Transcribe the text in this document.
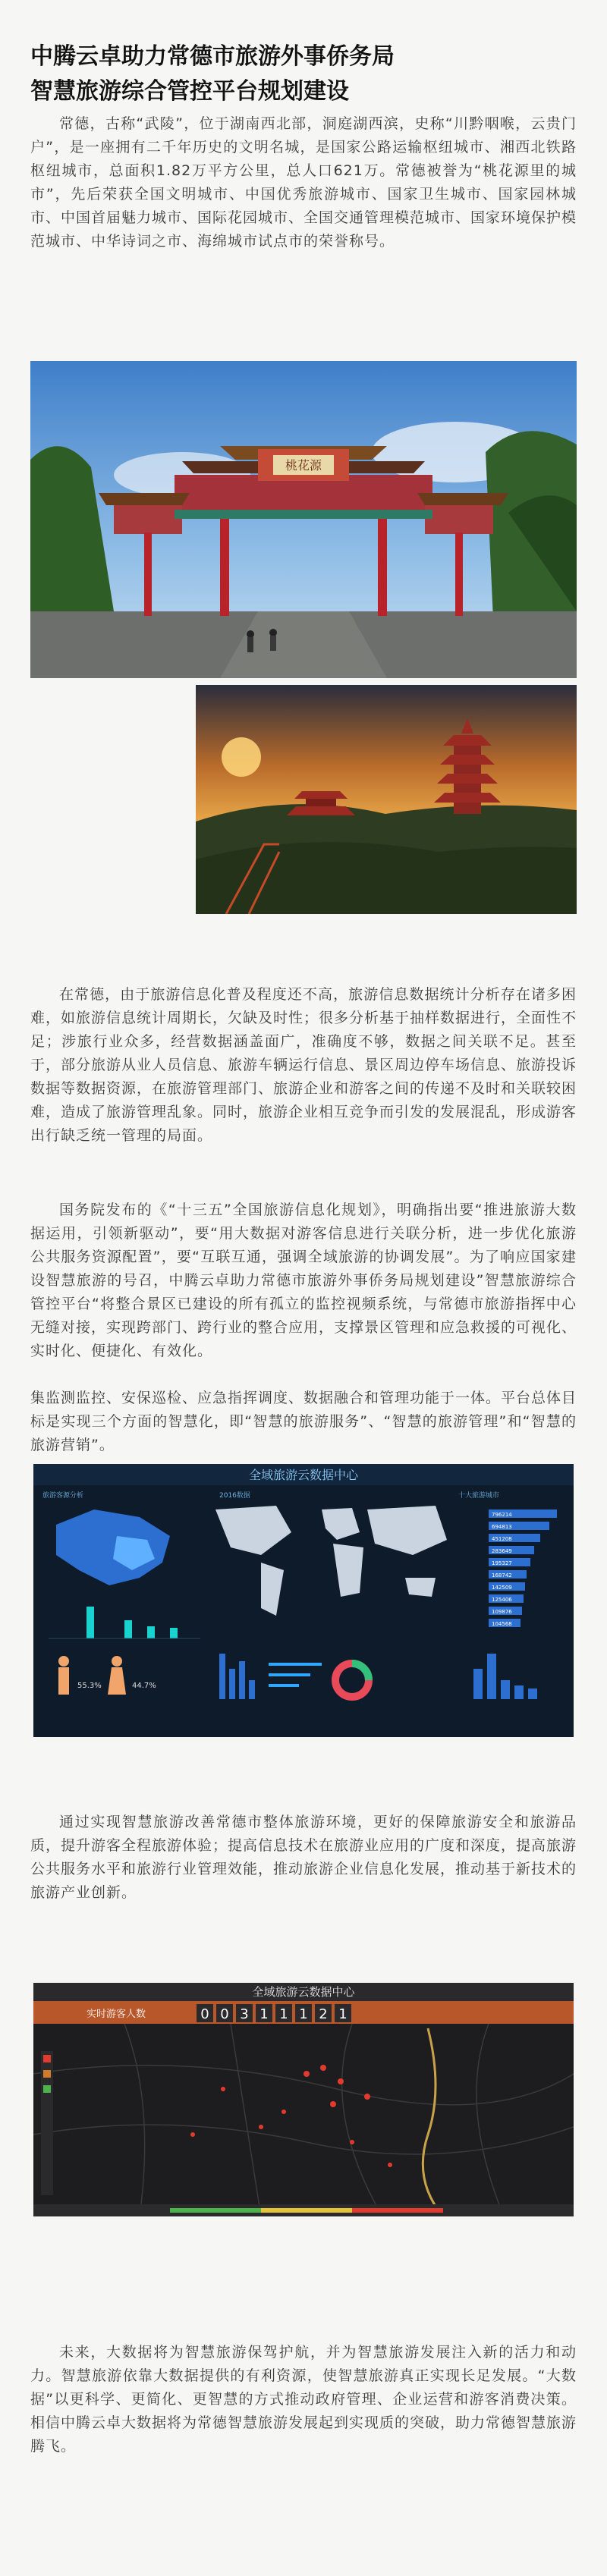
中腾云卓助力常德市旅游外事侨务局
智慧旅游综合管控平台规划建设

常德，古称“武陵”，位于湖南西北部，洞庭湖西滨，史称“川黔咽喉，云贵门户”，是一座拥有二千年历史的文明名城，是国家公路运输枢纽城市、湘西北铁路枢纽城市，总面积1.82万平方公里，总人口621万。常德被誉为“桃花源里的城市”，先后荣获全国文明城市、中国优秀旅游城市、国家卫生城市、国家园林城市、中国首届魅力城市、国际花园城市、全国交通管理模范城市、国家环境保护模范城市、中华诗词之市、海绵城市试点市的荣誉称号。

桃花源

在常德，由于旅游信息化普及程度还不高，旅游信息数据统计分析存在诸多困难，如旅游信息统计周期长，欠缺及时性；很多分析基于抽样数据进行，全面性不足；涉旅行业众多，经营数据涵盖面广，准确度不够，数据之间关联不足。甚至于，部分旅游从业人员信息、旅游车辆运行信息、景区周边停车场信息、旅游投诉数据等数据资源，在旅游管理部门、旅游企业和游客之间的传递不及时和关联较困难，造成了旅游管理乱象。同时，旅游企业相互竞争而引发的发展混乱，形成游客出行缺乏统一管理的局面。

国务院发布的《“十三五”全国旅游信息化规划》，明确指出要“推进旅游大数据运用，引领新驱动”，要“用大数据对游客信息进行关联分析，进一步优化旅游公共服务资源配置”，要“互联互通，强调全域旅游的协调发展”。为了响应国家建设智慧旅游的号召，中腾云卓助力常德市旅游外事侨务局规划建设”智慧旅游综合管控平台“将整合景区已建设的所有孤立的监控视频系统，与常德市旅游指挥中心无缝对接，实现跨部门、跨行业的整合应用，支撑景区管理和应急救援的可视化、实时化、便捷化、有效化。

集监测监控、安保巡检、应急指挥调度、数据融合和管理功能于一体。平台总体目标是实现三个方面的智慧化，即“智慧的旅游服务”、“智慧的旅游管理”和“智慧的旅游营销”。

全域旅游云数据中心
旅游客源分析	2016数据	十大旅游城市
55.3%	44.7%
796214
694813
451208
283649
195327
168742
142509
125406
109876
104568

通过实现智慧旅游改善常德市整体旅游环境，更好的保障旅游安全和旅游品质，提升游客全程旅游体验；提高信息技术在旅游业应用的广度和深度，提高旅游公共服务水平和旅游行业管理效能，推动旅游企业信息化发展，推动基于新技术的旅游产业创新。

全域旅游云数据中心
实时游客人数	0 0 3 1 1 1 2 1

未来，大数据将为智慧旅游保驾护航，并为智慧旅游发展注入新的活力和动力。智慧旅游依靠大数据提供的有利资源，使智慧旅游真正实现长足发展。“大数据”以更科学、更简化、更智慧的方式推动政府管理、企业运营和游客消费决策。相信中腾云卓大数据将为常德智慧旅游发展起到实现质的突破，助力常德智慧旅游腾飞。
